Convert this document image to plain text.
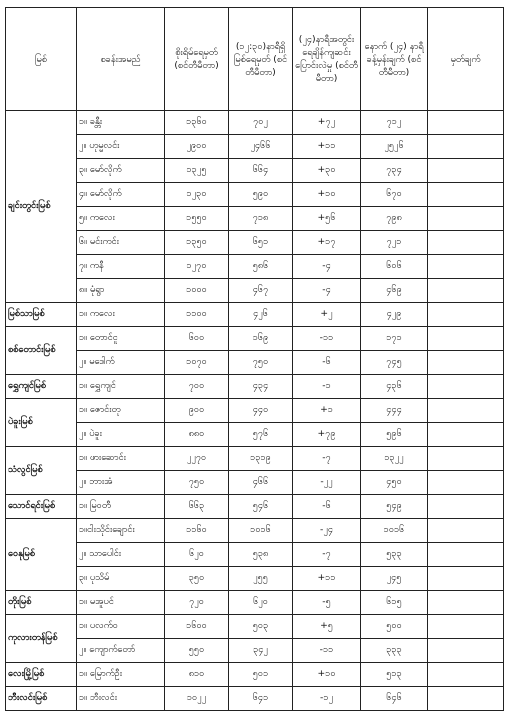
မြစ်	စခန်းအမည်	စိုးရိမ်ရေမှတ် (စင်တီမီတာ)	(၁၂:၃၀)နာရီရှိ မြစ်ရေမှတ် (စင်တီမီတာ)	(၂၄)နာရီအတွင်း ရေချိန်ကျဆင်း ပြောင်းလဲမှု (စင်တီမီတာ)	နောက် (၂၄) နာရီ ခန့်မှန်းချက် (စင်တီမီတာ)	မှတ်ချက်
ချင်းတွင်းမြစ်	၁။ ခန္တီး	၁၃၆၀	၇၀၂	+၇၂	၇၁၂	
	၂။ ဟုမ္မလင်း	၂၉၀၀	၂၄၆၆	+၁၁	၂၅၂၆	
	၃။ မော်လိုက်	၁၃၂၅	၆၆၄	+၃၀	၇၃၄	
	၄။ မော်လိုက်	၁၂၃၀	၅၉၀	+၁၀	၆၇၀	
	၅။ ကလေး	၁၅၅၀	၇၁၈	+၅၆	၇၉၈	
	၆။ မင်းကင်း	၁၃၅၀	၆၅၁	+၁၇	၇၂၁	
	၇။ ကနီ	၁၂၇၀	၅၈၆	-၄	၆၀၆	
	၈။ မုံရွာ	၁၀၀၀	၄၆၇	-၄	၄၆၉	
မြစ်သာမြစ်	၁။ ကလေး	၁၁၀၀	၄၂၆	+၂	၄၂၉	
စစ်တောင်းမြစ်	၁။ တောင်ငူ	၆၀၀	၁၆၉	-၁၁	၁၇၁	
	၂။ မဒေါက်	၁၀၇၀	၇၅၀	-၆	၇၄၅	
ရွှေကျင်မြစ်	၁။ ရွှေကျင်	၇၀၀	၄၃၄	-၁	၄၃၆	
ပဲခူးမြစ်	၁။ ဇောင်းတု	၉၀၀	၄၄၀	+၁	၄၄၄	
	၂။ ပဲခူး	၈၈၀	၅၇၆	+၇၉	၅၉၆	
သံလွင်မြစ်	၁။ ဖားဆောင်း	၂၂၇၀	၁၃၁၉	-၇	၁၃၂၂	
	၂။ ဘားအံ	၇၅၀	၄၆၆	-၂၂	၄၅၀	
သောင်ရင်းမြစ်	၁။ မြဝတီ	၆၆၃	၅၄၆	-၆	၅၄၉	
ဝေနုမြစ်	၁။ငါးသိုင်းချောင်း	၁၁၆၀	၁၀၁၆	-၂၄	၁၀၁၆	
	၂။ သာပေါင်း	၆၂၀	၅၃၈	-၇	၅၃၃	
	၃။ ပုသိမ်	၃၅၀	၂၅၅	+၁၁	၂၄၅	
တိုးမြစ်	၁။ မအူပင်	၇၂၀	၆၂၀	-၅	၆၁၅	
ကုလားတန်မြစ်	၁။ ပလက်ဝ	၁၆၀၀	၅၀၃	+၅	၅၀၀	
	၂။ ကျောက်တော်	၅၅၀	၃၄၂	-၁၁	၃၃၃	
လေးမြို့မြစ်	၁။ မြောက်ဦး	၈၁၀	၅၀၁	+၁၀	၅၁၃	
ဘီးလင်းမြစ်	၁။ ဘီးလင်း	၁၀၂၂	၆၄၁	-၁၂	၆၄၆	
